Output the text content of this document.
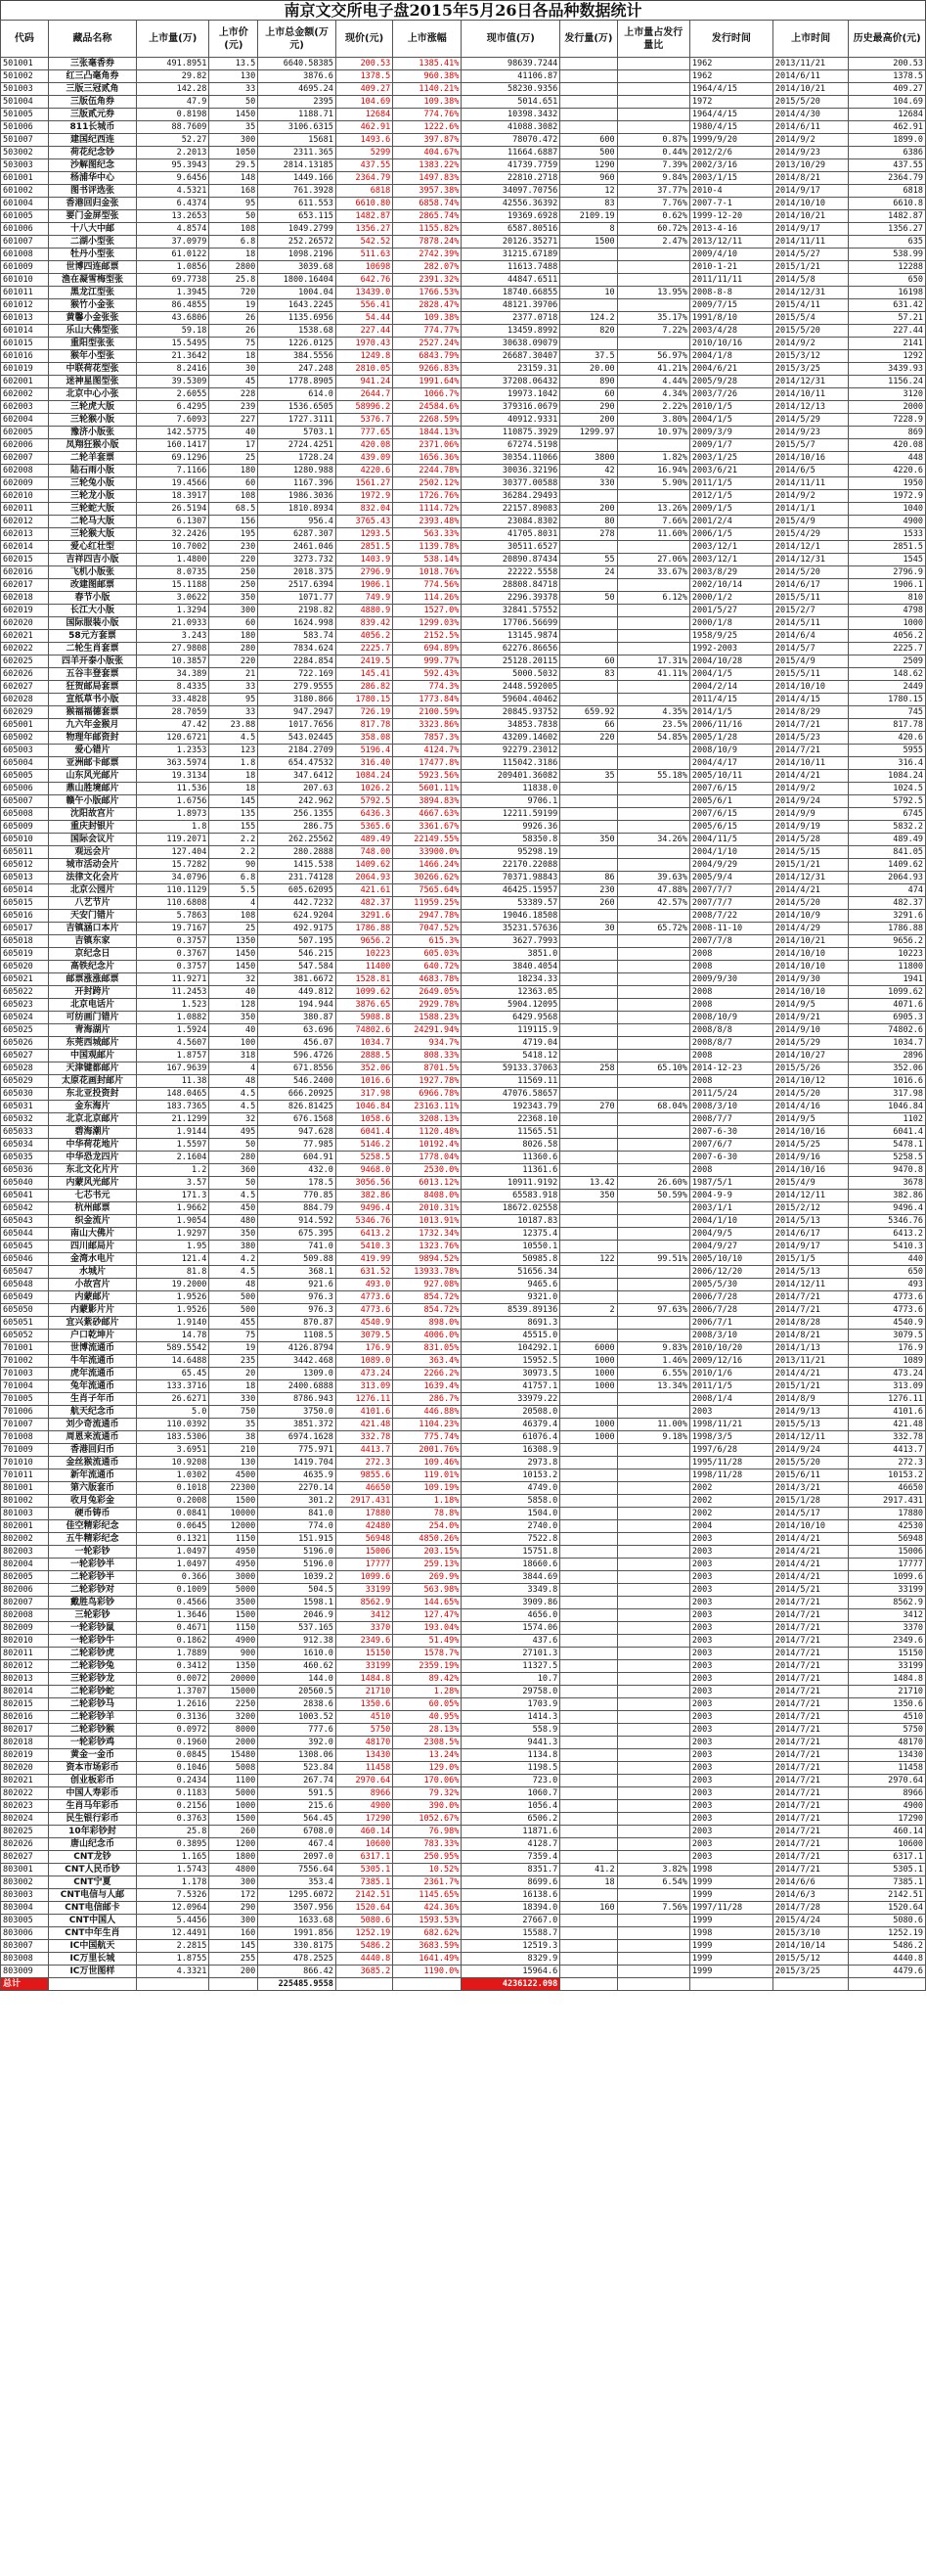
南京文交所电子盘2015年5月26日各品种数据统计
代码	藏品名称	上市量(万)	上市价(元)	上市总金额(万元)	现价(元)	上市涨幅	现市值(万)	发行量(万)	上市量占发行量比	发行时间	上市时间	历史最高价(元)
501001	三张毫香券	491.8951	13.5	6640.58385	200.53	1385.41%	98639.7244			1962	2013/11/21	200.53
501002	红三凸毫角券	29.82	130	3876.6	1378.5	960.38%	41106.87			1962	2014/6/11	1378.5
501003	三版三冠贰角	142.28	33	4695.24	409.27	1140.21%	58230.9356			1964/4/15	2014/10/21	409.27
501004	三版伍角券	47.9	50	2395	104.69	109.38%	5014.651			1972	2015/5/20	104.69
501005	三版贰元券	0.8198	1450	1188.71	12684	774.76%	10398.3432			1964/4/15	2014/4/30	12684
501006	811长城币	88.7609	35	3106.6315	462.91	1222.6%	41088.3082			1980/4/15	2014/6/11	462.91
501007	建国纪西连	52.27	300	15681	1493.6	397.87%	78070.472	600	0.87%	1999/9/20	2014/9/2	1899.0
503002	荷花纪念钞	2.2013	1050	2311.365	5299	404.67%	11664.6887	500	0.44%	2012/2/6	2014/9/23	6386
503003	沙解图纪念	95.3943	29.5	2814.13185	437.55	1383.22%	41739.7759	1290	7.39%	2002/3/16	2013/10/29	437.55
601001	杨浦华中心	9.6456	148	1449.166	2364.79	1497.83%	22810.2718	960	9.84%	2003/1/15	2014/8/21	2364.79
601002	图书评选张	4.5321	168	761.3928	6818	3957.38%	34097.70756	12	37.77%	2010-4	2014/9/17	6818
601004	香港回归金张	6.4374	95	611.553	6610.80	6858.74%	42556.36392	83	7.76%	2007-7-1	2014/10/10	6610.8
601005	要门金屏型张	13.2653	50	653.115	1482.87	2865.74%	19369.6928	2109.19	0.62%	1999-12-20	2014/10/21	1482.87
601006	十八大中邮	4.8574	108	1049.2799	1356.27	1155.82%	6587.80516	8	60.72%	2013-4-16	2014/9/17	1356.27
601007	二湖小型张	37.0979	6.8	252.26572	542.52	7878.24%	20126.35271	1500	2.47%	2013/12/11	2014/11/11	635
601008	牡丹小型张	61.0122	18	1098.2196	511.63	2742.39%	31215.67189			2009/4/10	2014/5/27	538.99
601009	世博四连邮票	1.0856	2800	3039.68	10698	282.07%	11613.7488			2010-1-21	2015/1/21	12288
601010	渔在凝雪梅型张	69.7738	25.8	1800.16404	642.76	2391.32%	44847.6511			2011/11/11	2014/5/8	650
601011	黑龙江型张	1.3945	720	1004.04	13439.0	1766.53%	18740.66855	10	13.95%	2008-8-8	2014/12/31	16198
601012	猴竹小金张	86.4855	19	1643.2245	556.41	2828.47%	48121.39706			2009/7/15	2015/4/11	631.42
601013	黄馨小金张张	43.6806	26	1135.6956	54.44	109.38%	2377.0718	124.2	35.17%	1991/8/10	2015/5/4	57.21
601014	乐山大佛型张	59.18	26	1538.68	227.44	774.77%	13459.8992	820	7.22%	2003/4/28	2015/5/20	227.44
601015	重阳型张张	15.5495	75	1226.0125	1970.43	2527.24%	30638.09079			2010/10/16	2014/9/2	2141
601016	猴年小型张	21.3642	18	384.5556	1249.8	6843.79%	26687.30407	37.5	56.97%	2004/1/8	2015/3/12	1292
601019	中联荷花型张	8.2416	30	247.248	2810.05	9266.83%	23159.31	20.00	41.21%	2004/6/21	2015/3/25	3439.93
602001	迷神星图型张	39.5309	45	1778.8905	941.24	1991.64%	37208.06432	890	4.44%	2005/9/28	2014/12/31	1156.24
602002	北京中心小张	2.6055	228	614.0	2644.7	1066.7%	19973.1042	60	4.34%	2003/7/26	2014/10/11	3120
602003	三轮虎大版	6.4295	239	1536.6505	58996.2	24584.6%	379316.0679	290	2.22%	2010/1/5	2014/12/13	2000
602004	三轮猴小版	7.6093	227	1727.3111	5376.7	2268.59%	40912.9331	200	3.80%	2004/1/5	2014/5/29	7228.9
602005	豫济小版张	142.5775	40	5703.1	777.65	1844.13%	110875.3929	1299.97	10.97%	2009/3/9	2014/9/23	869
602006	凤翔狂猴小版	160.1417	17	2724.4251	420.08	2371.06%	67274.5198			2009/1/7	2015/5/7	420.08
602007	二轮羊套票	69.1296	25	1728.24	439.09	1656.36%	30354.11066	3800	1.82%	2003/1/25	2014/10/16	448
602008	陆石雨小版	7.1166	180	1280.988	4220.6	2244.78%	30036.32196	42	16.94%	2003/6/21	2014/6/5	4220.6
602009	三轮兔小版	19.4566	60	1167.396	1561.27	2502.12%	30377.00588	330	5.90%	2011/1/5	2014/11/11	1950
602010	三轮龙小版	18.3917	108	1986.3036	1972.9	1726.76%	36284.29493			2012/1/5	2014/9/2	1972.9
602011	三轮蛇大版	26.5194	68.5	1810.8934	832.04	1114.72%	22157.89083	200	13.26%	2009/1/5	2014/1/1	1040
602012	二轮马大版	6.1307	156	956.4	3765.43	2393.48%	23084.8302	80	7.66%	2001/2/4	2015/4/9	4900
602013	三轮猴大版	32.2426	195	6287.307	1293.5	563.33%	41705.8031	278	11.60%	2006/1/5	2015/4/29	1533
602014	爱心红壮型	10.7002	230	2461.046	2851.5	1139.78%	30511.6527			2003/12/1	2014/12/1	2851.5
602015	吉祥四吉小版	1.4800	220	3273.732	1403.9	538.14%	20890.87434	55	27.06%	2003/12/1	2014/12/31	1545
602016	飞机小版张	8.0735	250	2018.375	2796.9	1018.76%	22222.5558	24	33.67%	2003/8/29	2014/5/20	2796.9
602017	改建图邮票	15.1188	250	2517.6394	1906.1	774.56%	28808.84718			2002/10/14	2014/6/17	1906.1
602018	春节小版	3.0622	350	1071.77	749.9	114.26%	2296.39378	50	6.12%	2000/1/2	2015/5/11	810
602019	长江大小版	1.3294	300	2198.82	4880.9	1527.0%	32841.57552			2001/5/27	2015/2/7	4798
602020	国际服装小版	21.0933	60	1624.998	839.42	1299.03%	17706.56699			2000/1/8	2014/5/11	1000
602021	58元方套票	3.243	180	583.74	4056.2	2152.5%	13145.9874			1958/9/25	2014/6/4	4056.2
602022	二轮生肖套票	27.9808	280	7834.624	2225.7	694.89%	62276.86656			1992-2003	2014/5/7	2225.7
602025	四羊开泰小版张	10.3857	220	2284.854	2419.5	999.77%	25128.20115	60	17.31%	2004/10/28	2015/4/9	2509
602026	五谷丰登套票	34.389	21	722.169	145.41	592.43%	5000.5032	83	41.11%	2004/1/5	2015/5/11	148.62
602027	狂贺邮局套票	8.4335	33	279.9555	286.82	774.3%	2448.592005			2004/2/14	2014/10/10	2449
602028	宣纸草书小版	33.4828	95	3180.866	1780.15	1773.84%	59604.40462			2011/4/15	2014/4/15	1780.15
602029	猴福福德套票	28.7059	33	947.2947	726.19	2100.59%	20845.93752	659.92	4.35%	2014/1/5	2014/8/29	745
605001	九六年金猴月	47.42	23.88	1017.7656	817.78	3323.86%	34853.7838	66	23.5%	2006/11/16	2014/7/21	817.78
605002	物理年邮资封	120.6721	4.5	543.02445	358.08	7857.3%	43209.14602	220	54.85%	2005/1/28	2014/5/23	420.6
605003	爱心错片	1.2353	123	2184.2709	5196.4	4124.7%	92279.23012			2008/10/9	2014/7/21	5955
605004	亚洲邮卡邮票	363.5974	1.8	654.47532	316.40	17477.8%	115042.3186			2004/4/17	2014/10/11	316.4
605005	山东风光邮片	19.3134	18	347.6412	1084.24	5923.56%	209401.36082	35	55.18%	2005/10/11	2014/4/21	1084.24
605006	鼎山胜境邮片	11.536	18	207.63	1026.2	5601.11%	11838.0			2007/6/15	2014/9/2	1024.5
605007	赣午小版邮片	1.6756	145	242.962	5792.5	3894.83%	9706.1			2005/6/1	2014/9/24	5792.5
605008	沈阳故宫片	1.8973	135	256.1355	6436.3	4667.63%	12211.59199			2007/6/15	2014/9/9	6745
605009	重庆封银片	1.8	155	286.75	5365.6	3361.67%	9926.36			2005/6/15	2014/9/19	5832.2
605010	国际会议片	119.2071	2.2	262.25562	489.49	22149.55%	58350.8	350	34.26%	2004/11/5	2014/5/28	489.49
605011	观远会片	127.404	2.2	280.2888	748.00	33900.0%	95298.19			2004/1/10	2014/5/15	841.05
605012	城市活动会片	15.7282	90	1415.538	1409.62	1466.24%	22170.22088			2004/9/29	2015/1/21	1409.62
605013	法律文化会片	34.0796	6.8	231.74128	2064.93	30266.62%	70371.98843	86	39.63%	2005/9/4	2014/12/31	2064.93
605014	北京公园片	110.1129	5.5	605.62095	421.61	7565.64%	46425.15957	230	47.88%	2007/7/7	2014/4/21	474
605015	八艺节片	110.6808	4	442.7232	482.37	11959.25%	53389.57	260	42.57%	2007/7/7	2014/5/20	482.37
605016	天安门错片	5.7863	108	624.9204	3291.6	2947.78%	19046.18508			2008/7/22	2014/10/9	3291.6
605017	吉镇涵口本片	19.7167	25	492.9175	1786.88	7047.52%	35231.57636	30	65.72%	2008-11-10	2014/4/29	1786.88
605018	吉镇东家	0.3757	1350	507.195	9656.2	615.3%	3627.7993			2007/7/8	2014/10/21	9656.2
605019	京纪念日	0.3767	1450	546.215	10223	605.03%	3851.0			2008	2014/10/10	10223
605020	高铁纪念片	0.3757	1450	547.584	11400	640.72%	3840.4054			2008	2014/10/10	11800
605021	邮票涨涨邮票	11.9271	32	381.6672	1528.81	4683.78%	18234.33			2009/9/30	2014/9/30	1941
605022	开封跨片	11.2453	40	449.812	1099.62	2649.05%	12363.05			2008	2014/10/10	1099.62
605023	北京电话片	1.523	128	194.944	3876.65	2929.78%	5904.12095			2008	2014/9/5	4071.6
605024	可纺画门错片	1.0882	350	380.87	5908.8	1588.23%	6429.9568			2008/10/9	2014/9/21	6905.3
605025	青海湖片	1.5924	40	63.696	74802.6	24291.94%	119115.9			2008/8/8	2014/9/10	74802.6
605026	东莞西城邮片	4.5607	100	456.07	1034.7	934.7%	4719.04			2008/8/7	2014/5/29	1034.7
605027	中国观邮片	1.8757	318	596.4726	2888.5	808.33%	5418.12			2008	2014/10/27	2896
605028	天津键都邮片	167.9639	4	671.8556	352.06	8701.5%	59133.37063	258	65.10%	2014-12-23	2015/5/26	352.06
605029	太原花画封邮片	11.38	48	546.2400	1016.6	1927.78%	11569.11			2008	2014/10/12	1016.6
605030	东北亚投资封	148.0465	4.5	666.20925	317.98	6966.78%	47076.58657			2011/5/24	2014/5/20	317.98
605031	金东海片	183.7365	4.5	826.81425	1046.84	23163.11%	192343.79	270	68.04%	2008/3/10	2014/4/16	1046.84
605032	北京北京邮片	21.1299	32	676.1568	1058.6	3208.13%	22368.10			2008/7/7	2014/9/5	1102
605033	碧海潮片	1.9144	495	947.628	6041.4	1120.48%	11565.51			2007-6-30	2014/10/16	6041.4
605034	中华荷花地片	1.5597	50	77.985	5146.2	10192.4%	8026.58			2007/6/7	2014/5/25	5478.1
605035	中华恐龙四片	2.1604	280	604.91	5258.5	1778.04%	11360.6			2007-6-30	2014/9/16	5258.5
605036	东北文化片片	1.2	360	432.0	9468.0	2530.0%	11361.6			2008	2014/10/16	9470.8
605040	内蒙风光邮片	3.57	50	178.5	3056.56	6013.12%	10911.9192	13.42	26.60%	1987/5/1	2015/4/9	3678
605041	七芯书元	171.3	4.5	770.85	382.86	8408.0%	65583.918	350	50.59%	2004-9-9	2014/12/11	382.86
605042	杭州邮票	1.9662	450	884.79	9496.4	2010.31%	18672.02558			2003/1/1	2015/2/12	9496.4
605043	织金流片	1.9054	480	914.592	5346.76	1013.91%	10187.83			2004/1/10	2014/5/13	5346.76
605044	南山大佛片	1.9297	350	675.395	6413.2	1732.34%	12375.4			2004/9/5	2014/6/17	6413.2
605045	四川邮局片	1.95	380	741.0	5410.3	1323.76%	10550.1			2004/9/27	2014/9/17	5410.3
605046	金湾水电片	121.4	4.2	509.88	419.99	9894.52%	50985.8	122	99.51%	2005/10/10	2015/1/5	440
605047	水城片	81.8	4.5	368.1	631.52	13933.78%	51656.34			2006/12/20	2014/5/13	650
605048	小故宫片	19.2000	48	921.6	493.0	927.08%	9465.6			2005/5/30	2014/12/11	493
605049	内蒙邮片	1.9526	500	976.3	4773.6	854.72%	9321.0			2006/7/28	2014/7/21	4773.6
605050	内蒙影片片	1.9526	500	976.3	4773.6	854.72%	8539.89136	2	97.63%	2006/7/28	2014/7/21	4773.6
605051	宜兴紫砂邮片	1.9140	455	870.87	4540.9	898.0%	8691.3			2006/7/1	2014/8/28	4540.9
605052	户口乾坤片	14.78	75	1108.5	3079.5	4006.0%	45515.0			2008/3/10	2014/8/21	3079.5
701001	世博流通币	589.5542	19	4126.8794	176.9	831.05%	104292.1	6000	9.83%	2010/10/20	2014/1/13	176.9
701002	牛年流通币	14.6488	235	3442.468	1089.0	363.4%	15952.5	1000	1.46%	2009/12/16	2013/11/21	1089
701003	虎年流通币	65.45	20	1309.0	473.24	2266.2%	30973.5	1000	6.55%	2010/1/6	2014/4/21	473.24
701004	兔年流通币	133.3716	18	2400.6888	313.09	1639.4%	41757.1	1000	13.34%	2011/1/5	2015/1/21	313.09
701005	生肖子年币	26.6271	330	8786.943	1276.11	286.7%	33979.22			2008/1/4	2014/8/9	1276.11
701006	航天纪念币	5.0	750	3750.0	4101.6	446.88%	20508.0			2003	2014/9/13	4101.6
701007	刘少奇流通币	110.0392	35	3851.372	421.48	1104.23%	46379.4	1000	11.00%	1998/11/21	2015/5/13	421.48
701008	周恩来流通币	183.5306	38	6974.1628	332.78	775.74%	61076.4	1000	9.18%	1998/3/5	2014/12/11	332.78
701009	香港回归币	3.6951	210	775.971	4413.7	2001.76%	16308.9			1997/6/28	2014/9/24	4413.7
701010	金丝猴流通币	10.9208	130	1419.704	272.3	109.46%	2973.8			1995/11/28	2015/5/20	272.3
701011	新年流通币	1.0302	4500	4635.9	9855.6	119.01%	10153.2			1998/11/28	2015/6/11	10153.2
801001	第六版套币	0.1018	22300	2270.14	46650	109.19%	4749.0			2002	2014/3/21	46650
801002	收月兔彩金	0.2008	1500	301.2	2917.431	1.18%	5858.0			2002	2015/1/28	2917.431
801003	硬币铸币	0.0841	10000	841.0	17880	78.8%	1504.0			2002	2014/5/17	17880
802001	佳空精彩纪念	0.0645	12000	774.0	42480	254.0%	2740.0			2004	2014/10/10	42530
802002	五牛精彩纪念	0.1321	1150	151.915	56948	4850.26%	7522.8			2003	2014/4/21	56948
802003	一轮彩钞	1.0497	4950	5196.0	15006	203.15%	15751.8			2003	2014/4/21	15006
802004	一轮彩钞半	1.0497	4950	5196.0	17777	259.13%	18660.6			2003	2014/4/21	17777
802005	二轮彩钞半	0.366	3000	1039.2	1099.6	269.9%	3844.69			2003	2014/4/21	1099.6
802006	二轮彩钞对	0.1009	5000	504.5	33199	563.98%	3349.8			2003	2014/5/21	33199
802007	戴胜鸟彩钞	0.4566	3500	1598.1	8562.9	144.65%	3909.86			2003	2014/7/21	8562.9
802008	三轮彩钞	1.3646	1500	2046.9	3412	127.47%	4656.0			2003	2014/7/21	3412
802009	一轮彩钞鼠	0.4671	1150	537.165	3370	193.04%	1574.06			2003	2014/7/21	3370
802010	一轮彩钞牛	0.1862	4900	912.38	2349.6	51.49%	437.6			2003	2014/7/21	2349.6
802011	二轮彩钞虎	1.7889	900	1610.0	15150	1578.7%	27101.3			2003	2014/7/21	15150
802012	二轮彩钞兔	0.3412	1350	460.62	33199	2359.19%	11327.5			2003	2014/7/21	33199
802013	三轮彩钞龙	0.0072	20000	144.0	1484.8	89.42%	10.7			2003	2014/7/21	1484.8
802014	二轮彩钞蛇	1.3707	15000	20560.5	21710	1.28%	29758.0			2003	2014/7/21	21710
802015	二轮彩钞马	1.2616	2250	2838.6	1350.6	60.05%	1703.9			2003	2014/7/21	1350.6
802016	二轮彩钞羊	0.3136	3200	1003.52	4510	40.95%	1414.3			2003	2014/7/21	4510
802017	二轮彩钞猴	0.0972	8000	777.6	5750	28.13%	558.9			2003	2014/7/21	5750
802018	一轮彩钞鸡	0.1960	2000	392.0	48170	2308.5%	9441.3			2003	2014/7/21	48170
802019	黄金一金币	0.0845	15480	1308.06	13430	13.24%	1134.8			2003	2014/7/21	13430
802020	资本市场彩币	0.1046	5008	523.84	11458	129.0%	1198.5			2003	2014/7/21	11458
802021	创业板彩币	0.2434	1100	267.74	2970.64	170.06%	723.0			2003	2014/7/21	2970.64
802022	中国人寿彩币	0.1183	5000	591.5	8966	79.32%	1060.7			2003	2014/7/21	8966
802023	生肖马年彩币	0.2156	1000	215.6	4900	390.0%	1056.4			2003	2014/7/21	4900
802024	民生银行彩币	0.3763	1500	564.45	17290	1052.67%	6506.2			2003	2014/7/21	17290
802025	10年彩钞封	25.8	260	6708.0	460.14	76.98%	11871.6			2003	2014/7/21	460.14
802026	唐山纪念币	0.3895	1200	467.4	10600	783.33%	4128.7			2003	2014/7/21	10600
802027	CNT龙钞	1.165	1800	2097.0	6317.1	250.95%	7359.4			2003	2014/7/21	6317.1
803001	CNT人民币钞	1.5743	4800	7556.64	5305.1	10.52%	8351.7	41.2	3.82%	1998	2014/7/21	5305.1
803002	CNT宁夏	1.178	300	353.4	7385.1	2361.7%	8699.6	18	6.54%	1999	2014/6/6	7385.1
803003	CNT电信与人邮	7.5326	172	1295.6072	2142.51	1145.65%	16138.6			1999	2014/6/3	2142.51
803004	CNT电信邮卡	12.0964	290	3507.956	1520.64	424.36%	18394.0	160	7.56%	1997/11/28	2014/7/28	1520.64
803005	CNT中国人	5.4456	300	1633.68	5080.6	1593.53%	27667.0			1999	2015/4/24	5080.6
803006	CNT中年生肖	12.4491	160	1991.856	1252.19	682.62%	15588.7			1998	2015/3/10	1252.19
803007	IC中国航天	2.2815	145	330.8175	5486.2	3683.59%	12519.3			1999	2014/10/14	5486.2
803008	IC万里长城	1.8755	255	478.2525	4440.8	1641.49%	8329.9			1999	2015/5/12	4440.8
803009	IC万世图样	4.3321	200	866.42	3685.2	1190.0%	15964.6			1999	2015/3/25	4479.6
总计				225485.9558			4236122.098					
